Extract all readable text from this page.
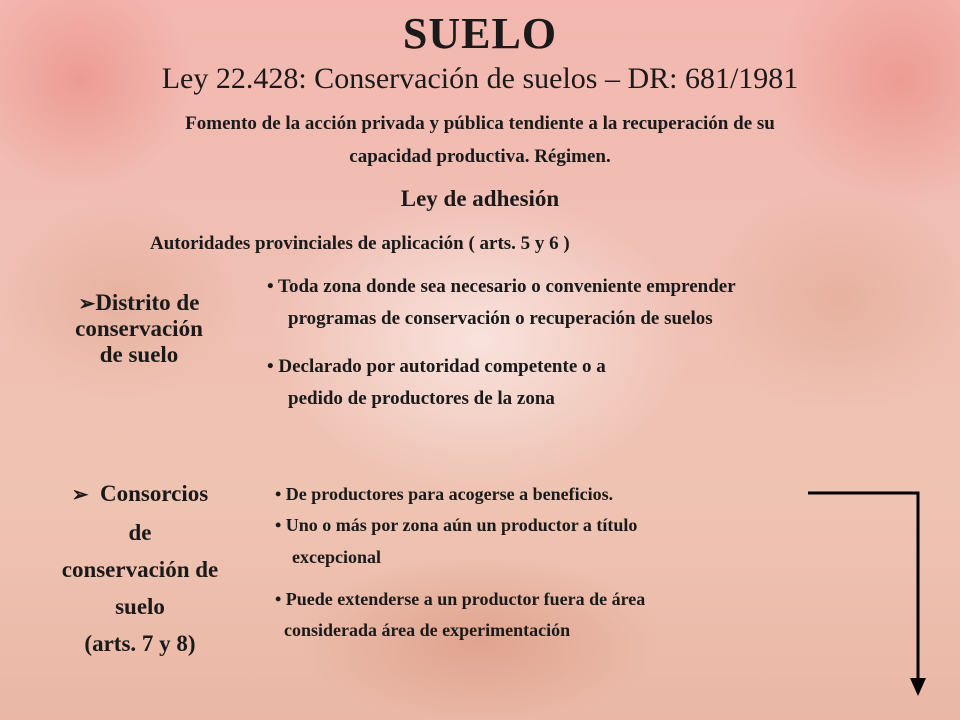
SUELO
Ley 22.428: Conservación de suelos – DR: 681/1981
Fomento de la acción privada y pública tendiente a la recuperación de su
capacidad productiva. Régimen.
Ley de adhesión
Autoridades provinciales de aplicación ( arts. 5 y 6 )
➢Distrito de
conservación
de suelo
• Toda zona donde sea necesario o conveniente emprender
programas de conservación o recuperación de suelos
• Declarado por autoridad competente o a
pedido de productores de la zona
➢ Consorcios
de
conservación de
suelo
(arts. 7 y 8)
• De productores para acogerse a beneficios.
• Uno o más por zona aún un productor a título
excepcional
• Puede extenderse a un productor fuera de área
considerada área de experimentación
